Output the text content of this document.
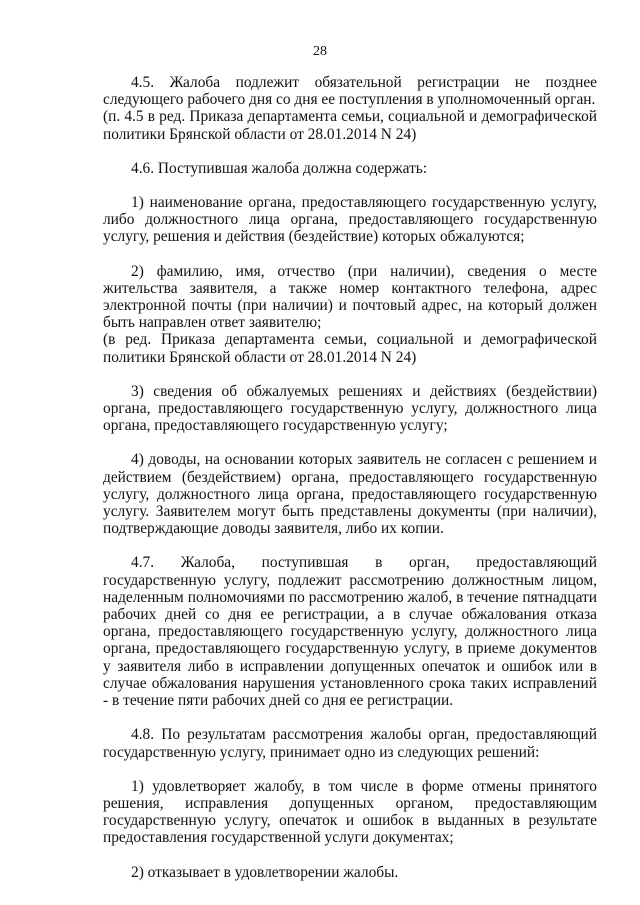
28

4.5. Жалоба подлежит обязательной регистрации не позднее следующего рабочего дня со дня ее поступления в уполномоченный орган.

(п. 4.5 в ред. Приказа департамента семьи, социальной и демографической политики Брянской области от 28.01.2014 N 24)

4.6. Поступившая жалоба должна содержать:

1) наименование органа, предоставляющего государственную услугу, либо должностного лица органа, предоставляющего государственную услугу, решения и действия (бездействие) которых обжалуются;

2) фамилию, имя, отчество (при наличии), сведения о месте жительства заявителя, а также номер контактного телефона, адрес электронной почты (при наличии) и почтовый адрес, на который должен быть направлен ответ заявителю;

(в ред. Приказа департамента семьи, социальной и демографической политики Брянской области от 28.01.2014 N 24)

3) сведения об обжалуемых решениях и действиях (бездействии) органа, предоставляющего государственную услугу, должностного лица органа, предоставляющего государственную услугу;

4) доводы, на основании которых заявитель не согласен с решением и действием (бездействием) органа, предоставляющего государственную услугу, должностного лица органа, предоставляющего государственную услугу. Заявителем могут быть представлены документы (при наличии), подтверждающие доводы заявителя, либо их копии.

4.7. Жалоба, поступившая в орган, предоставляющий государственную услугу, подлежит рассмотрению должностным лицом, наделенным полномочиями по рассмотрению жалоб, в течение пятнадцати рабочих дней со дня ее регистрации, а в случае обжалования отказа органа, предоставляющего государственную услугу, должностного лица органа, предоставляющего государственную услугу, в приеме документов у заявителя либо в исправлении допущенных опечаток и ошибок или в случае обжалования нарушения установленного срока таких исправлений - в течение пяти рабочих дней со дня ее регистрации.

4.8. По результатам рассмотрения жалобы орган, предоставляющий государственную услугу, принимает одно из следующих решений:

1) удовлетворяет жалобу, в том числе в форме отмены принятого решения, исправления допущенных органом, предоставляющим государственную услугу, опечаток и ошибок в выданных в результате предоставления государственной услуги документах;

2) отказывает в удовлетворении жалобы.
